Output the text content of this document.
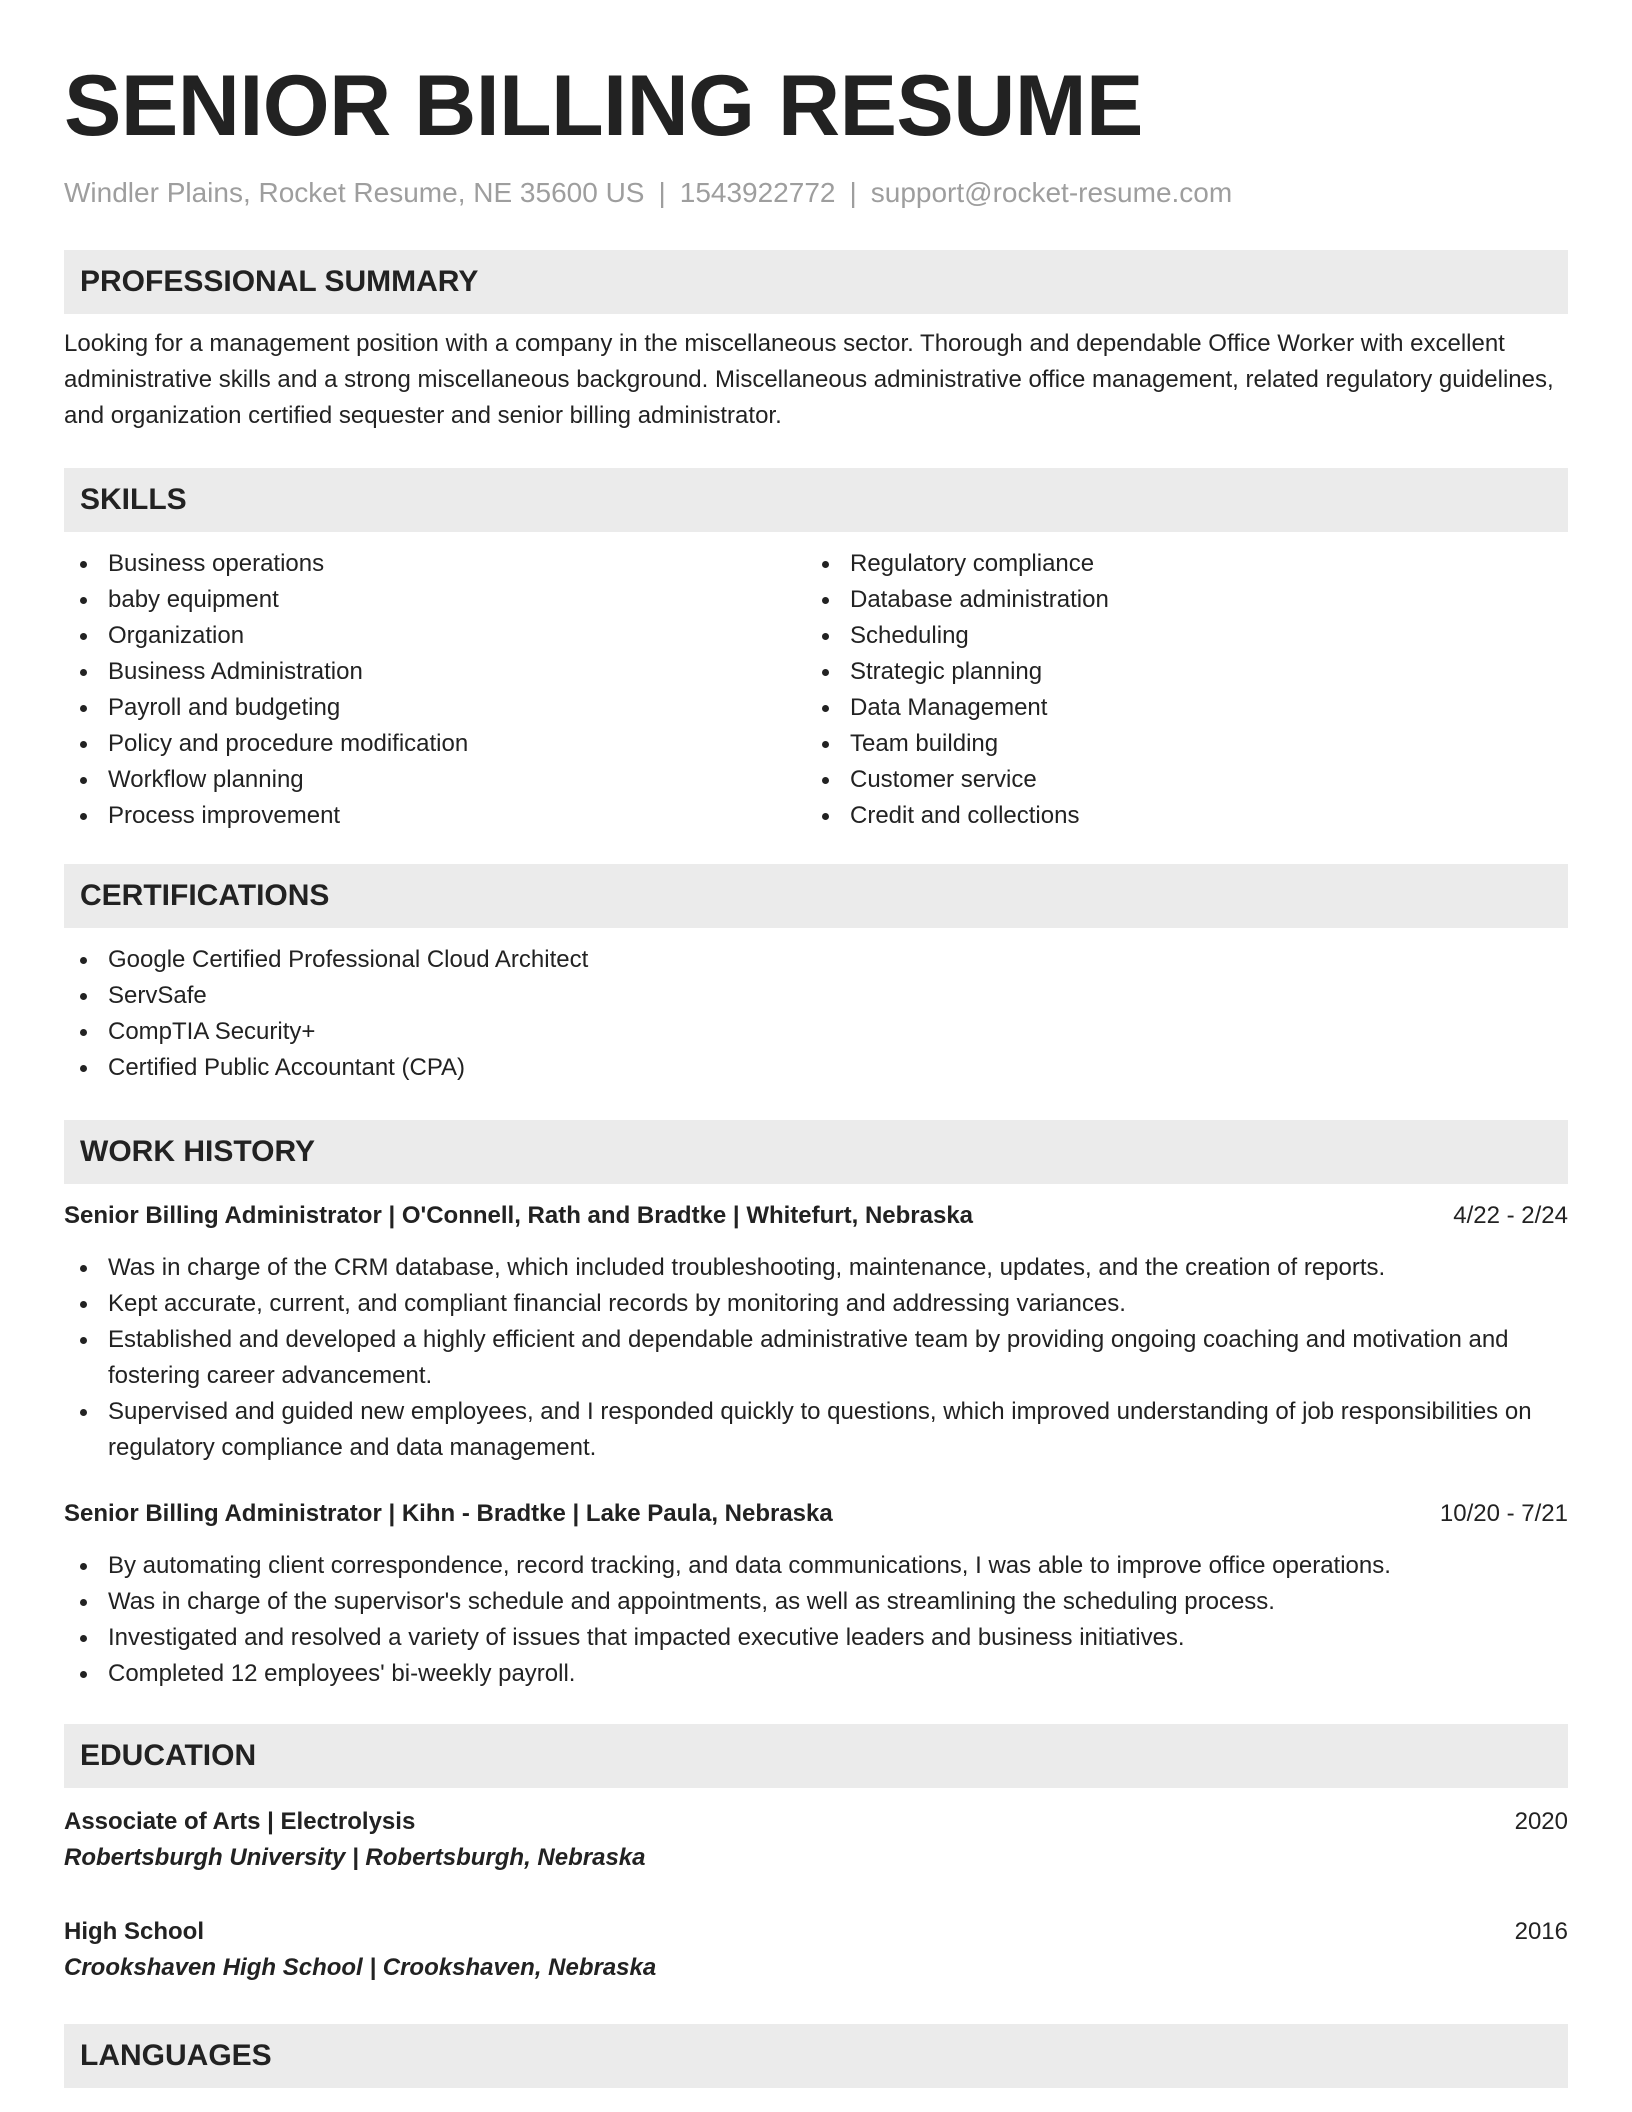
SENIOR BILLING RESUME
Windler Plains, Rocket Resume, NE 35600 US | 1543922772 | support@rocket-resume.com
PROFESSIONAL SUMMARY
Looking for a management position with a company in the miscellaneous sector. Thorough and dependable Office Worker with excellent administrative skills and a strong miscellaneous background. Miscellaneous administrative office management, related regulatory guidelines, and organization certified sequester and senior billing administrator.
SKILLS
Business operations
baby equipment
Organization
Business Administration
Payroll and budgeting
Policy and procedure modification
Workflow planning
Process improvement
Regulatory compliance
Database administration
Scheduling
Strategic planning
Data Management
Team building
Customer service
Credit and collections
CERTIFICATIONS
Google Certified Professional Cloud Architect
ServSafe
CompTIA Security+
Certified Public Accountant (CPA)
WORK HISTORY
Senior Billing Administrator | O'Connell, Rath and Bradtke | Whitefurt, Nebraska	4/22 - 2/24
Was in charge of the CRM database, which included troubleshooting, maintenance, updates, and the creation of reports.
Kept accurate, current, and compliant financial records by monitoring and addressing variances.
Established and developed a highly efficient and dependable administrative team by providing ongoing coaching and motivation and fostering career advancement.
Supervised and guided new employees, and I responded quickly to questions, which improved understanding of job responsibilities on regulatory compliance and data management.
Senior Billing Administrator | Kihn - Bradtke | Lake Paula, Nebraska	10/20 - 7/21
By automating client correspondence, record tracking, and data communications, I was able to improve office operations.
Was in charge of the supervisor's schedule and appointments, as well as streamlining the scheduling process.
Investigated and resolved a variety of issues that impacted executive leaders and business initiatives.
Completed 12 employees' bi-weekly payroll.
EDUCATION
Associate of Arts | Electrolysis	2020
Robertsburgh University | Robertsburgh, Nebraska
High School	2016
Crookshaven High School | Crookshaven, Nebraska
LANGUAGES
